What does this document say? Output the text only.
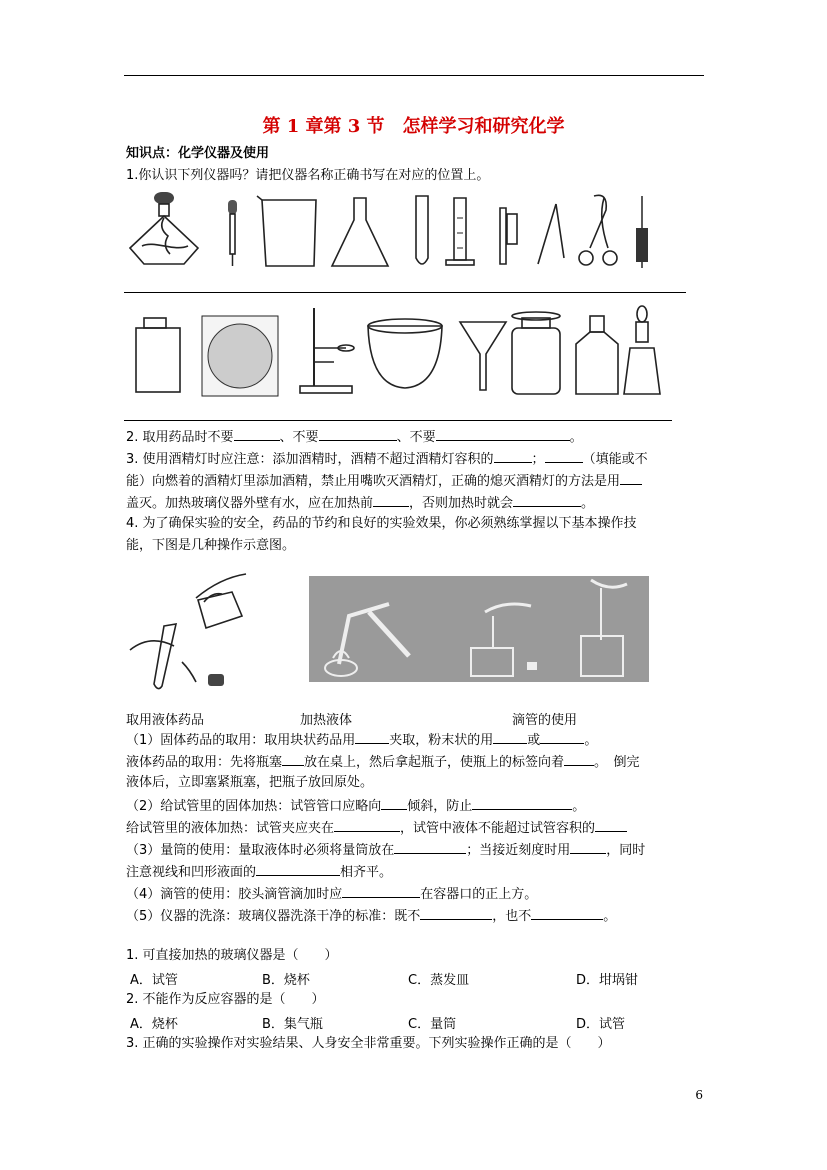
第 1 章第 3 节　怎样学习和研究化学
知识点：化学仪器及使用
1.你认识下列仪器吗？请把仪器名称正确书写在对应的位置上。
2. 取用药品时不要	、不要	、不要	。
3. 使用酒精灯时应注意：添加酒精时，酒精不超过酒精灯容积的	；	（填能或不
能）向燃着的酒精灯里添加酒精，禁止用嘴吹灭酒精灯，正确的熄灭酒精灯的方法是用
盖灭。加热玻璃仪器外壁有水，应在加热前	，否则加热时就会	。
4. 为了确保实验的安全，药品的节约和良好的实验效果，你必须熟练掌握以下基本操作技
能，下图是几种操作示意图。
取用液体药品	加热液体	滴管的使用
（1）固体药品的取用：取用块状药品用	夹取，粉末状的用	或	。
液体药品的取用：先将瓶塞 放在桌上，然后拿起瓶子，使瓶上的标签向着 。　倒完
液体后，立即塞紧瓶塞，把瓶子放回原处。
（2）给试管里的固体加热：试管管口应略向 倾斜，防止	。
给试管里的液体加热：试管夹应夹在	，试管中液体不能超过试管容积的
（3）量筒的使用：量取液体时必须将量筒放在	；当接近刻度时用	，同时
注意视线和凹形液面的	相齐平。
（4）滴管的使用：胶头滴管滴加时应	在容器口的正上方。
（5）仪器的洗涤：玻璃仪器洗涤干净的标准：既不	，也不	。
1. 可直接加热的玻璃仪器是（　　）
A．试管	B．烧杯	C．蒸发皿	D．坩埚钳
2. 不能作为反应容器的是（　　）
A．烧杯	B．集气瓶	C．量筒	D．试管
3. 正确的实验操作对实验结果、人身安全非常重要。下列实验操作正确的是（　　）
6
